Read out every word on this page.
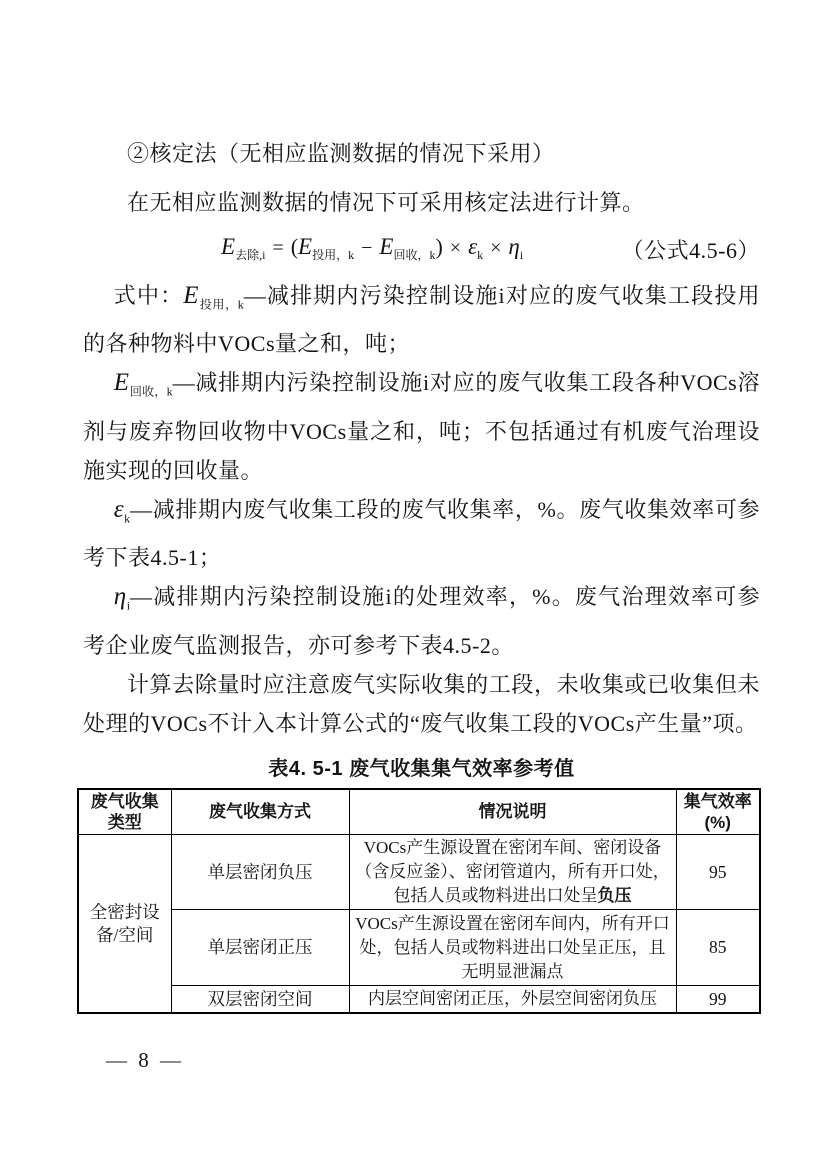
②核定法（无相应监测数据的情况下采用）

在无相应监测数据的情况下可采用核定法进行计算。

$E_{去除,i} = (E_{投用,k} - E_{回收,k}) \times \varepsilon_k \times \eta_i$	（公式4.5-6）

式中：$E_{投用,k}—$减排期内污染控制设施i对应的废气收集工段投用的各种物料中VOCs量之和，吨；

$E_{回收,k}—$减排期内污染控制设施i对应的废气收集工段各种VOCs溶剂与废弃物回收物中VOCs量之和，吨；不包括通过有机废气治理设施实现的回收量。

$\varepsilon_k—$减排期内废气收集工段的废气收集率，%。废气收集效率可参考下表4.5-1；

$\eta_i—$减排期内污染控制设施i的处理效率，%。废气治理效率可参考企业废气监测报告，亦可参考下表4.5-2。

计算去除量时应注意废气实际收集的工段，未收集或已收集但未处理的VOCs不计入本计算公式的“废气收集工段的VOCs产生量”项。

表4. 5-1 废气收集集气效率参考值
废气收集
类型	废气收集方式	情况说明	集气效率
(%)
全密封设备/空间	单层密闭负压	VOCs产生源设置在密闭车间、密闭设备（含反应釜）、密闭管道内，所有开口处，包括人员或物料进出口处呈负压	95
	单层密闭正压	VOCs产生源设置在密闭车间内，所有开口处，包括人员或物料进出口处呈正压，且无明显泄漏点	85
	双层密闭空间	内层空间密闭正压，外层空间密闭负压	99
— 8 —
